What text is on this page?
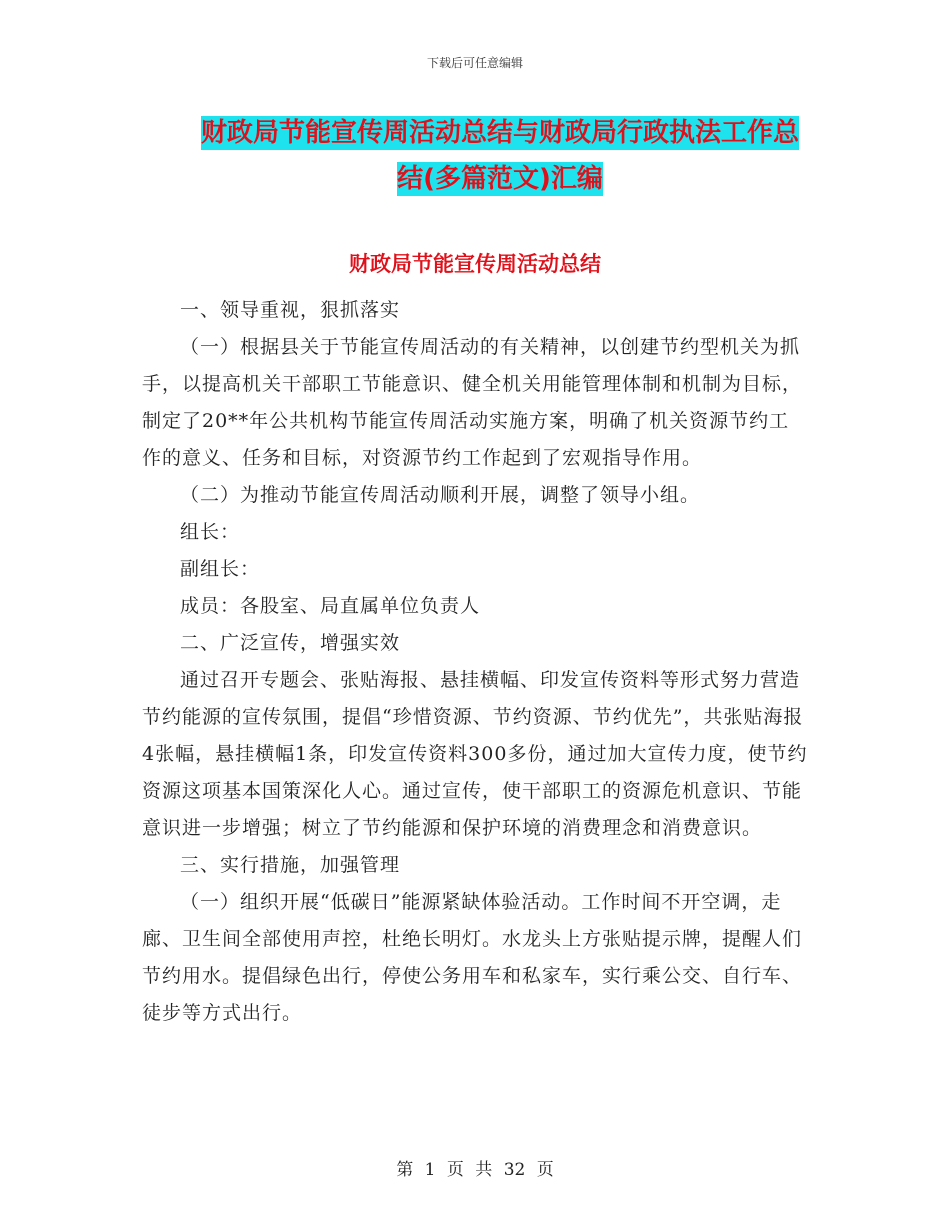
下载后可任意编辑
财政局节能宣传周活动总结与财政局行政执法工作总结(多篇范文)汇编
财政局节能宣传周活动总结

一、领导重视，狠抓落实

（一）根据县关于节能宣传周活动的有关精神，以创建节约型机关为抓手，以提高机关干部职工节能意识、健全机关用能管理体制和机制为目标，制定了20**年公共机构节能宣传周活动实施方案，明确了机关资源节约工作的意义、任务和目标，对资源节约工作起到了宏观指导作用。

（二）为推动节能宣传周活动顺利开展，调整了领导小组。

组长：

副组长：

成员：各股室、局直属单位负责人

二、广泛宣传，增强实效

通过召开专题会、张贴海报、悬挂横幅、印发宣传资料等形式努力营造节约能源的宣传氛围，提倡“珍惜资源、节约资源、节约优先”，共张贴海报4张幅，悬挂横幅1条，印发宣传资料300多份，通过加大宣传力度，使节约资源这项基本国策深化人心。通过宣传，使干部职工的资源危机意识、节能意识进一步增强；树立了节约能源和保护环境的消费理念和消费意识。

三、实行措施，加强管理

（一）组织开展“低碳日”能源紧缺体验活动。工作时间不开空调，走廊、卫生间全部使用声控，杜绝长明灯。水龙头上方张贴提示牌，提醒人们节约用水。提倡绿色出行，停使公务用车和私家车，实行乘公交、自行车、徒步等方式出行。

第 1 页 共 32 页
